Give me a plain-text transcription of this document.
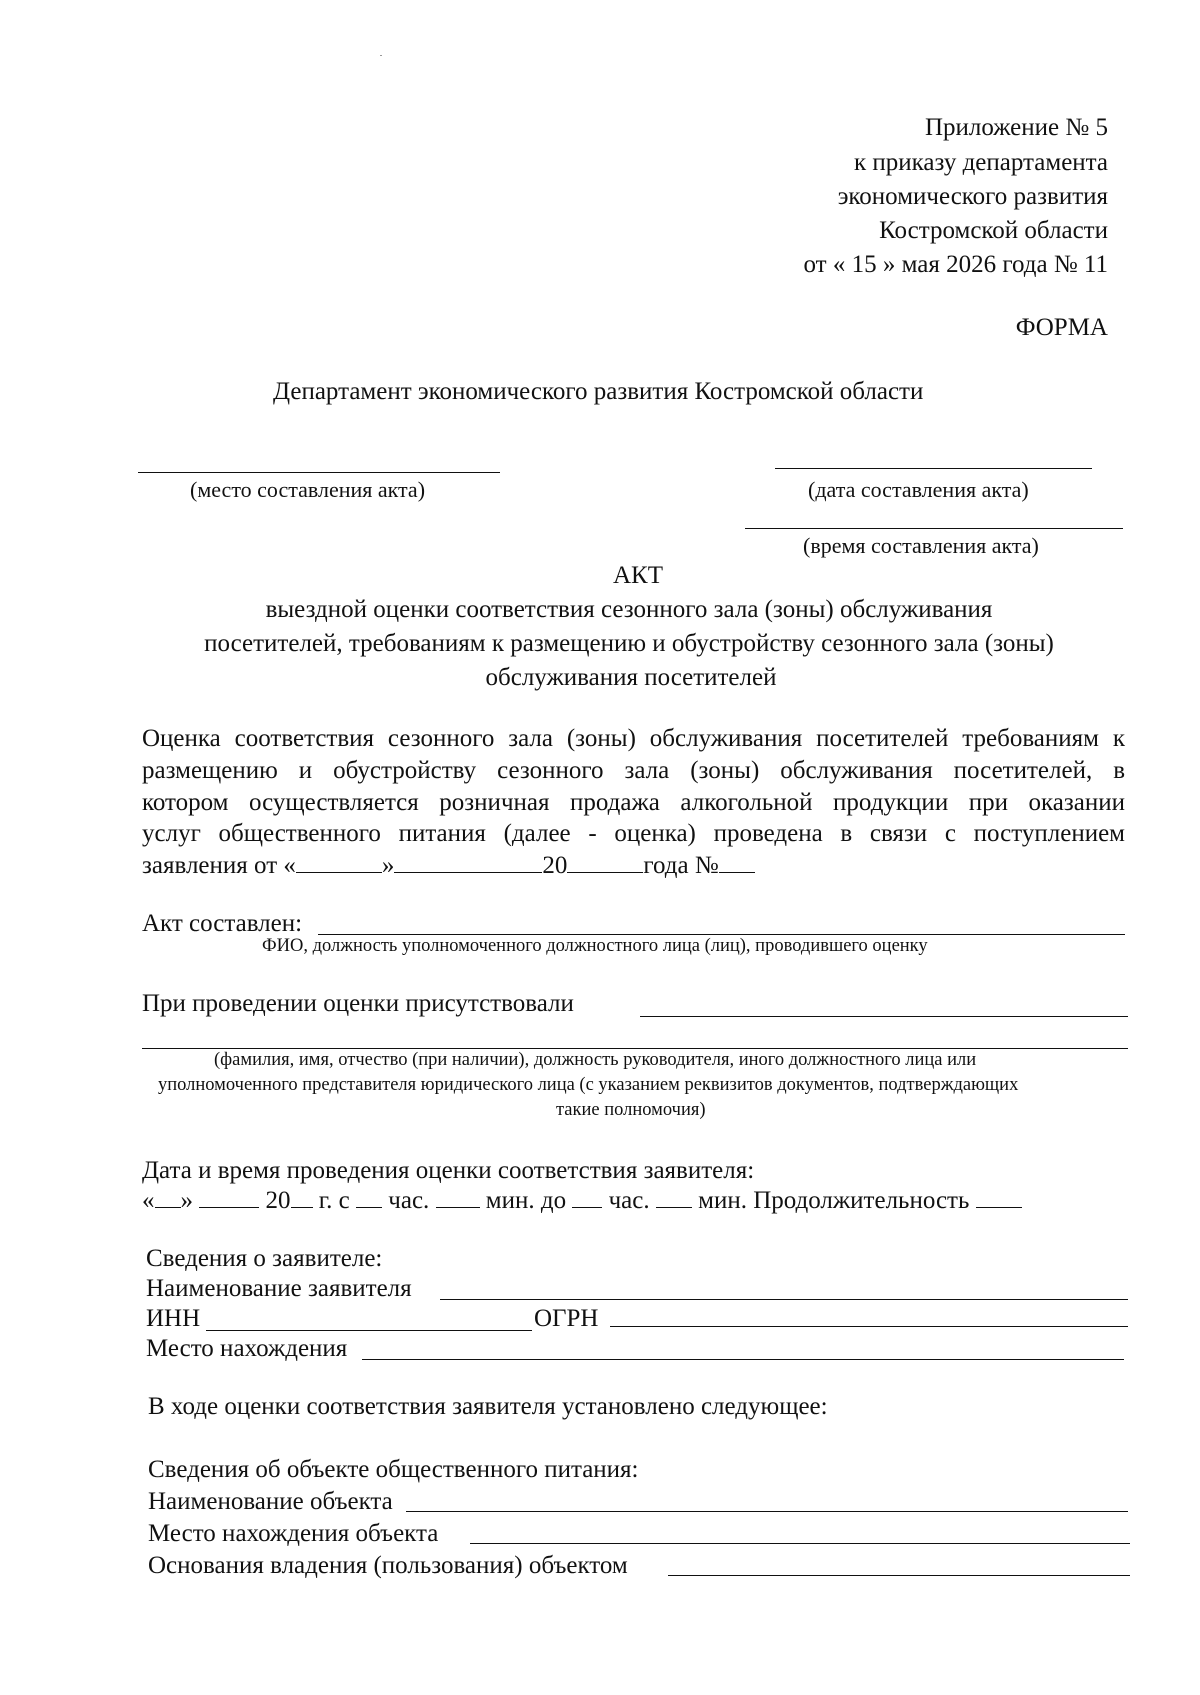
Приложение № 5
к приказу департамента
экономического развития
Костромской области
от « 15 » мая 2026 года № 11
ФОРМА
Департамент экономического развития Костромской области
(место составления акта)	(дата составления акта)
(время составления акта)
АКТ
выездной оценки соответствия сезонного зала (зоны) обслуживания
посетителей, требованиям к размещению и обустройству сезонного зала (зоны)
обслуживания посетителей
Оценка соответствия сезонного зала (зоны) обслуживания посетителей требованиям к
размещению и обустройству сезонного зала (зоны) обслуживания посетителей, в
котором осуществляется розничная продажа алкогольной продукции при оказании
услуг общественного питания (далее - оценка) проведена в связи с поступлением
заявления от «	»	20	года №
Акт составлен:
ФИО, должность уполномоченного должностного лица (лиц), проводившего оценку
При проведении оценки присутствовали
(фамилия, имя, отчество (при наличии), должность руководителя, иного должностного лица или
уполномоченного представителя юридического лица (с указанием реквизитов документов, подтверждающих
такие полномочия)
Дата и время проведения оценки соответствия заявителя:
« »	20 г. с час. мин. до час. мин. Продолжительность
Сведения о заявителе:
Наименование заявителя
ИНН	ОГРН
Место нахождения
В ходе оценки соответствия заявителя установлено следующее:
Сведения об объекте общественного питания:
Наименование объекта
Место нахождения объекта
Основания владения (пользования) объектом
